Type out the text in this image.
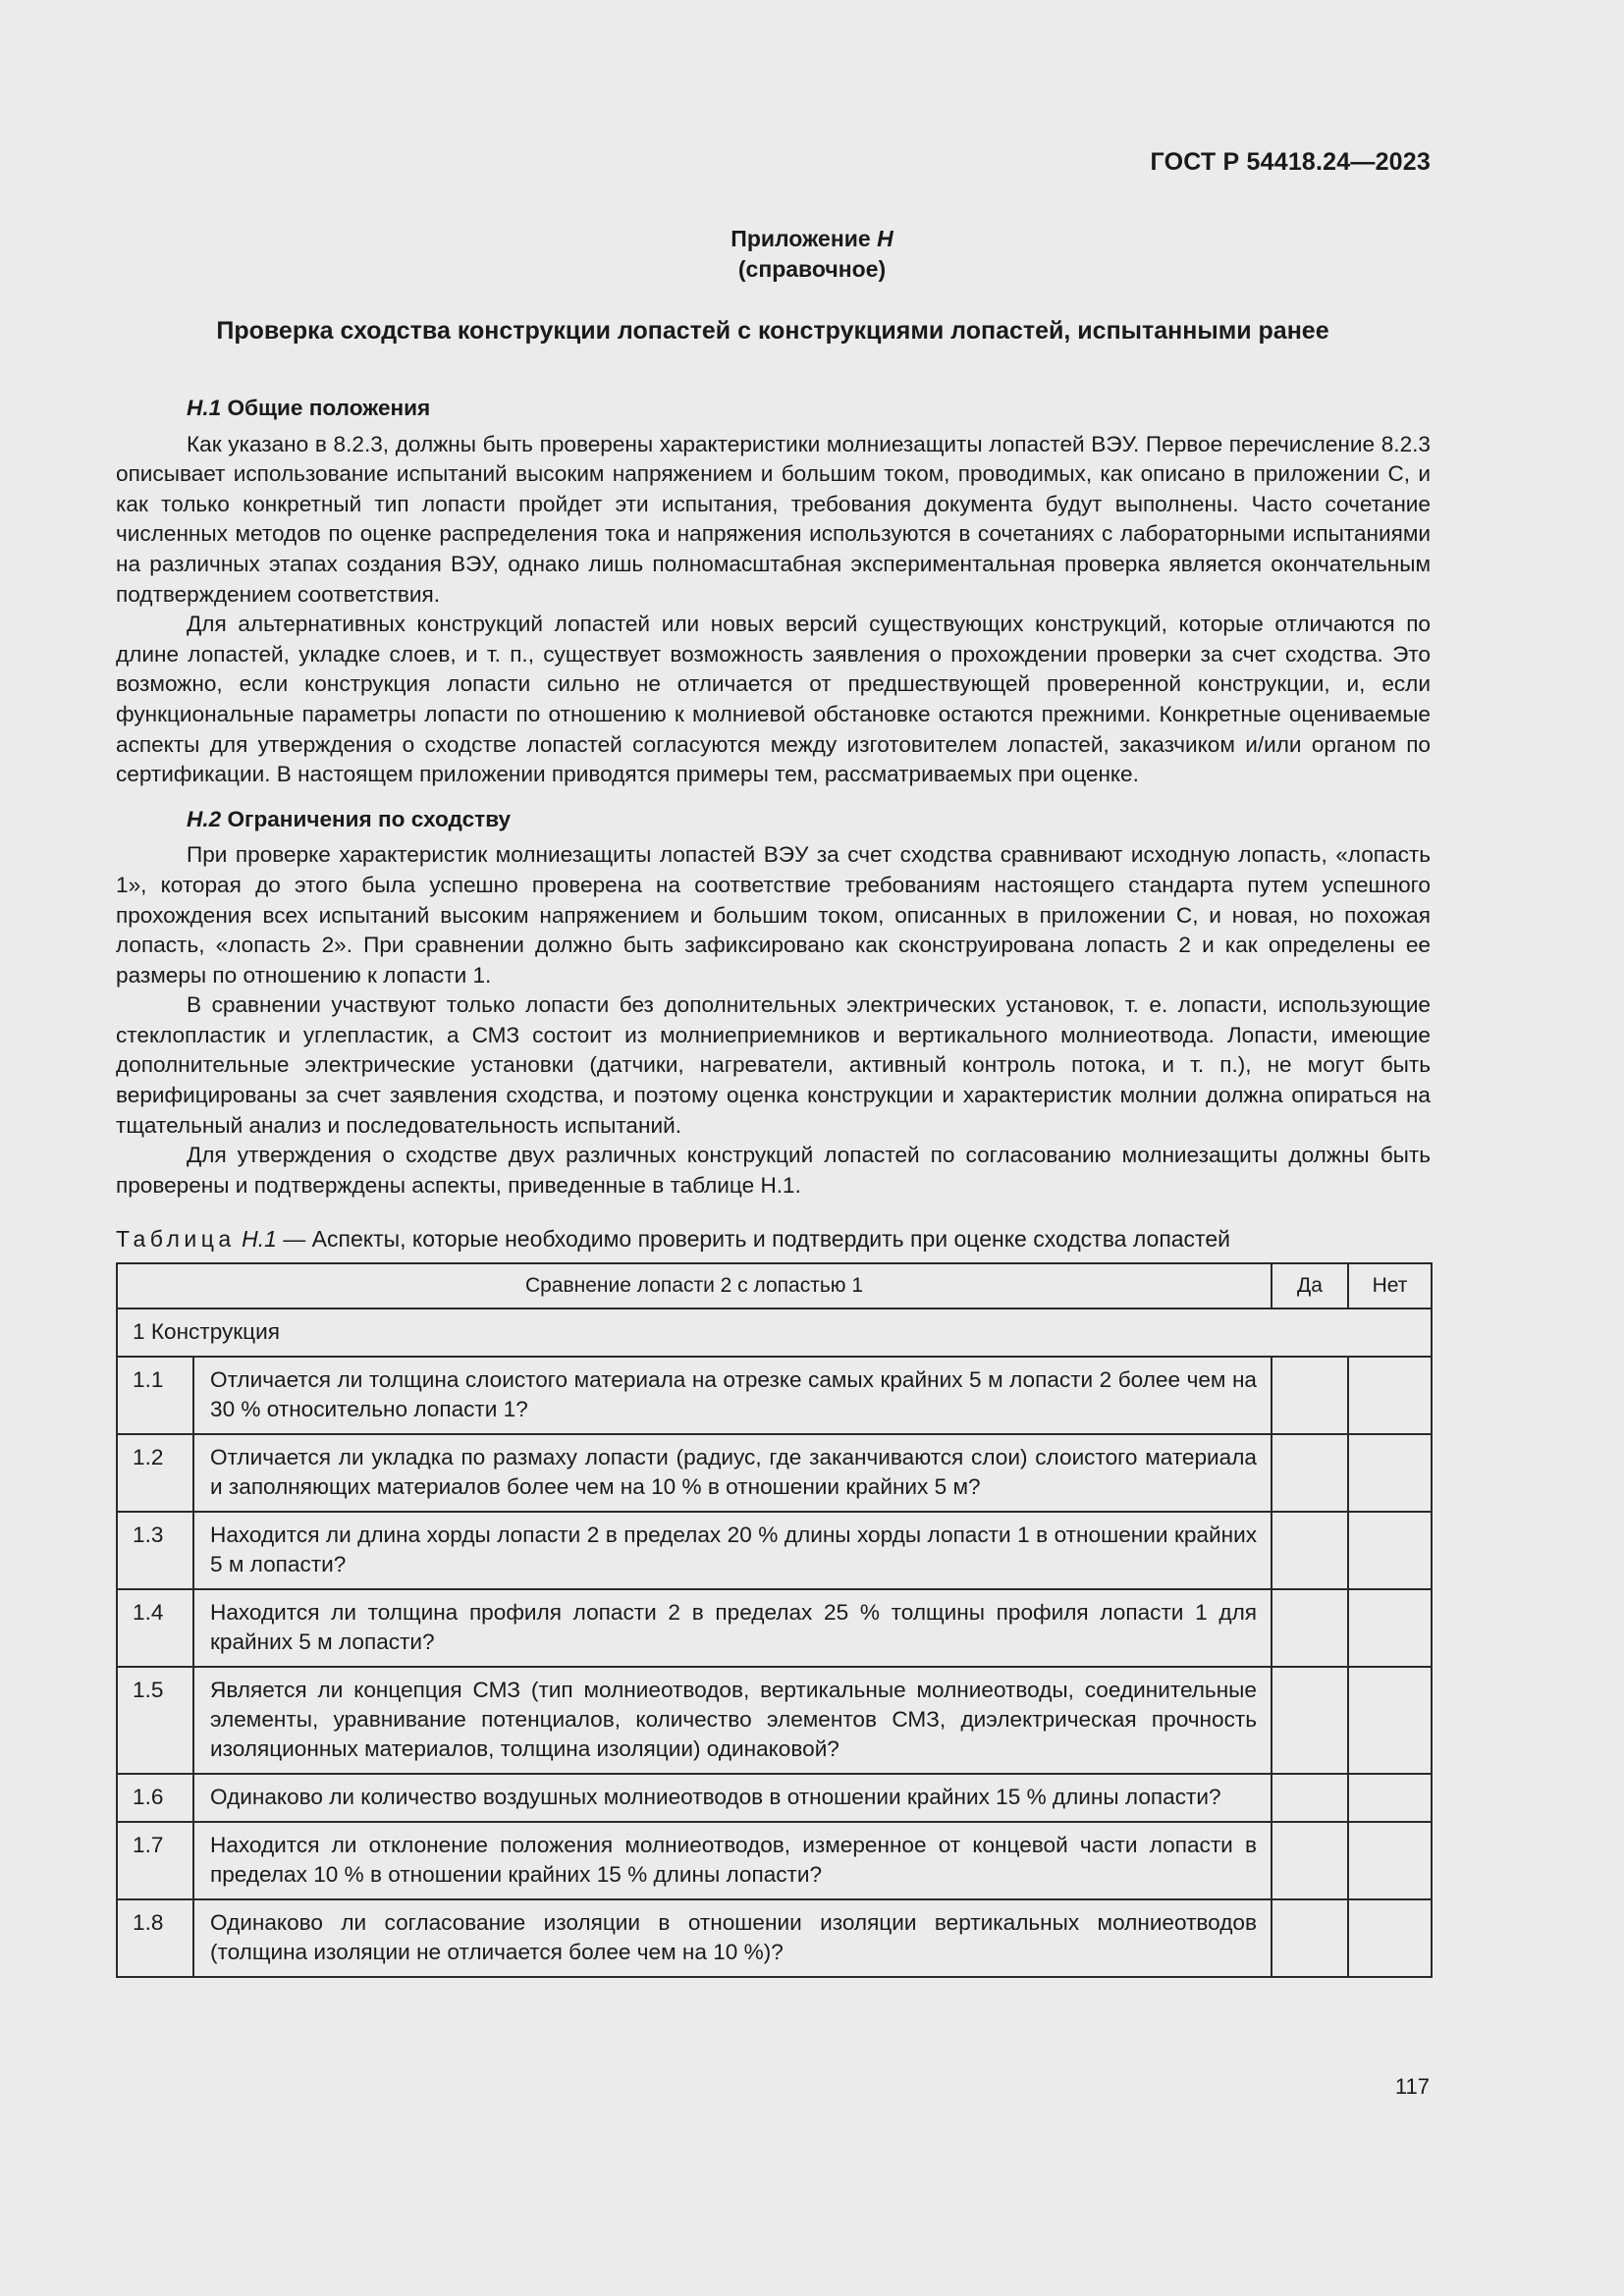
ГОСТ Р 54418.24—2023
Приложение H
(справочное)
Проверка сходства конструкции лопастей с конструкциями лопастей, испытанными ранее

H.1 Общие положения

Как указано в 8.2.3, должны быть проверены характеристики молниезащиты лопастей ВЭУ. Первое перечисление 8.2.3 описывает использование испытаний высоким напряжением и большим током, проводимых, как описано в приложении C, и как только конкретный тип лопасти пройдет эти испытания, требования документа будут выполнены. Часто сочетание численных методов по оценке распределения тока и напряжения используются в сочетаниях с лабораторными испытаниями на различных этапах создания ВЭУ, однако лишь полномасштабная экспериментальная проверка является окончательным подтверждением соответствия.

Для альтернативных конструкций лопастей или новых версий существующих конструкций, которые отличаются по длине лопастей, укладке слоев, и т. п., существует возможность заявления о прохождении проверки за счет сходства. Это возможно, если конструкция лопасти сильно не отличается от предшествующей проверенной конструкции, и, если функциональные параметры лопасти по отношению к молниевой обстановке остаются прежними. Конкретные оцениваемые аспекты для утверждения о сходстве лопастей согласуются между изготовителем лопастей, заказчиком и/или органом по сертификации. В настоящем приложении приводятся примеры тем, рассматриваемых при оценке.

H.2 Ограничения по сходству

При проверке характеристик молниезащиты лопастей ВЭУ за счет сходства сравнивают исходную лопасть, «лопасть 1», которая до этого была успешно проверена на соответствие требованиям настоящего стандарта путем успешного прохождения всех испытаний высоким напряжением и большим током, описанных в приложении C, и новая, но похожая лопасть, «лопасть 2». При сравнении должно быть зафиксировано как сконструирована лопасть 2 и как определены ее размеры по отношению к лопасти 1.

В сравнении участвуют только лопасти без дополнительных электрических установок, т. е. лопасти, использующие стеклопластик и углепластик, а СМЗ состоит из молниеприемников и вертикального молниеотвода. Лопасти, имеющие дополнительные электрические установки (датчики, нагреватели, активный контроль потока, и т. п.), не могут быть верифицированы за счет заявления сходства, и поэтому оценка конструкции и характеристик молнии должна опираться на тщательный анализ и последовательность испытаний.

Для утверждения о сходстве двух различных конструкций лопастей по согласованию молниезащиты должны быть проверены и подтверждены аспекты, приведенные в таблице H.1.

Таблица H.1 — Аспекты, которые необходимо проверить и подтвердить при оценке сходства лопастей
Сравнение лопасти 2 с лопастью 1		Да	Нет
1 Конструкция			
1.1	Отличается ли толщина слоистого материала на отрезке самых крайних 5 м лопасти 2 более чем на 30 % относительно лопасти 1?		
1.2	Отличается ли укладка по размаху лопасти (радиус, где заканчиваются слои) слоистого материала и заполняющих материалов более чем на 10 % в отношении крайних 5 м?		
1.3	Находится ли длина хорды лопасти 2 в пределах 20 % длины хорды лопасти 1 в отношении крайних 5 м лопасти?		
1.4	Находится ли толщина профиля лопасти 2 в пределах 25 % толщины профиля лопасти 1 для крайних 5 м лопасти?		
1.5	Является ли концепция СМЗ (тип молниеотводов, вертикальные молниеотводы, соединительные элементы, уравнивание потенциалов, количество элементов СМЗ, диэлектрическая прочность изоляционных материалов, толщина изоляции) одинаковой?		
1.6	Одинаково ли количество воздушных молниеотводов в отношении крайних 15 % длины лопасти?		
1.7	Находится ли отклонение положения молниеотводов, измеренное от концевой части лопасти в пределах 10 % в отношении крайних 15 % длины лопасти?		
1.8	Одинаково ли согласование изоляции в отношении изоляции вертикальных молниеотводов (толщина изоляции не отличается более чем на 10 %)?		
117
